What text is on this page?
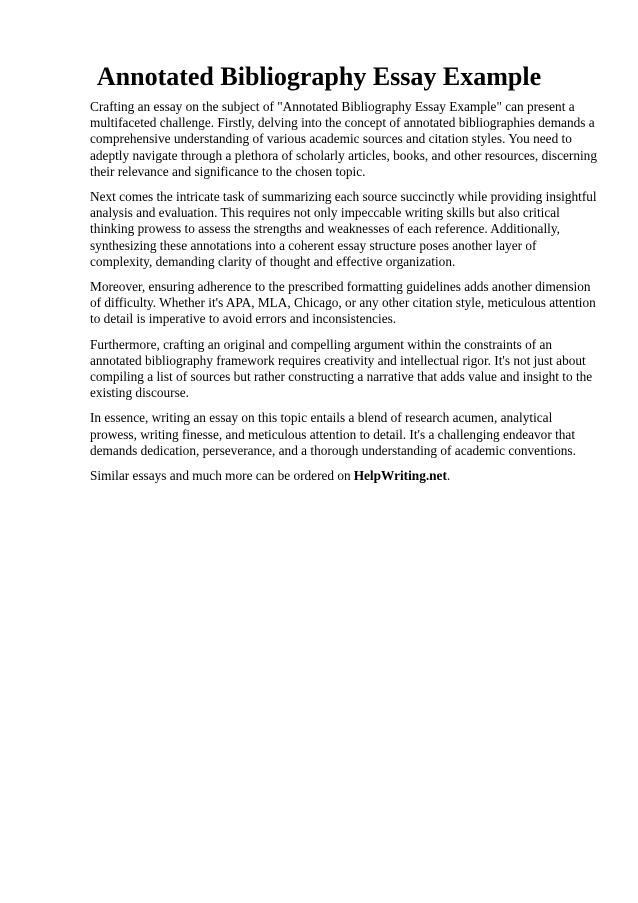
Annotated Bibliography Essay Example

Crafting an essay on the subject of "Annotated Bibliography Essay Example" can present a multifaceted challenge. Firstly, delving into the concept of annotated bibliographies demands a comprehensive understanding of various academic sources and citation styles. You need to adeptly navigate through a plethora of scholarly articles, books, and other resources, discerning their relevance and significance to the chosen topic.

Next comes the intricate task of summarizing each source succinctly while providing insightful analysis and evaluation. This requires not only impeccable writing skills but also critical thinking prowess to assess the strengths and weaknesses of each reference. Additionally, synthesizing these annotations into a coherent essay structure poses another layer of complexity, demanding clarity of thought and effective organization.

Moreover, ensuring adherence to the prescribed formatting guidelines adds another dimension of difficulty. Whether it's APA, MLA, Chicago, or any other citation style, meticulous attention to detail is imperative to avoid errors and inconsistencies.

Furthermore, crafting an original and compelling argument within the constraints of an annotated bibliography framework requires creativity and intellectual rigor. It's not just about compiling a list of sources but rather constructing a narrative that adds value and insight to the existing discourse.

In essence, writing an essay on this topic entails a blend of research acumen, analytical prowess, writing finesse, and meticulous attention to detail. It's a challenging endeavor that demands dedication, perseverance, and a thorough understanding of academic conventions.

Similar essays and much more can be ordered on HelpWriting.net.
